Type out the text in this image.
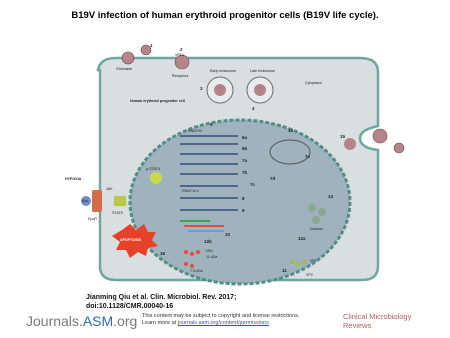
B19V infection of human erythroid progenitor cells (B19V life cycle).
1
2
3
4
5
6a
6b
7a
7b
7c
7d
7e
8
9
10
11
12a
12b
13
14
15
16
Globoside
Receptors
VP1u
Early endosome	Late endosome
Cytoplasm
Human erythroid progenitor cell
HYPOXIA
Epo
EpoR
JAK
STAT5
p-STAT5
DNA Pol
RNA Pol II
Nucleus
APOPTOSIS
NS1
11-kDa
7.5-kDa
VP1
VP2
Jianming Qiu et al. Clin. Microbiol. Rev. 2017;
doi:10.1128/CMR.00040-16
Journals.ASM.org This content may be subject to copyright and license restrictions.
Learn more at journals.asm.org/content/permissions
Clinical Microbiology
Reviews
